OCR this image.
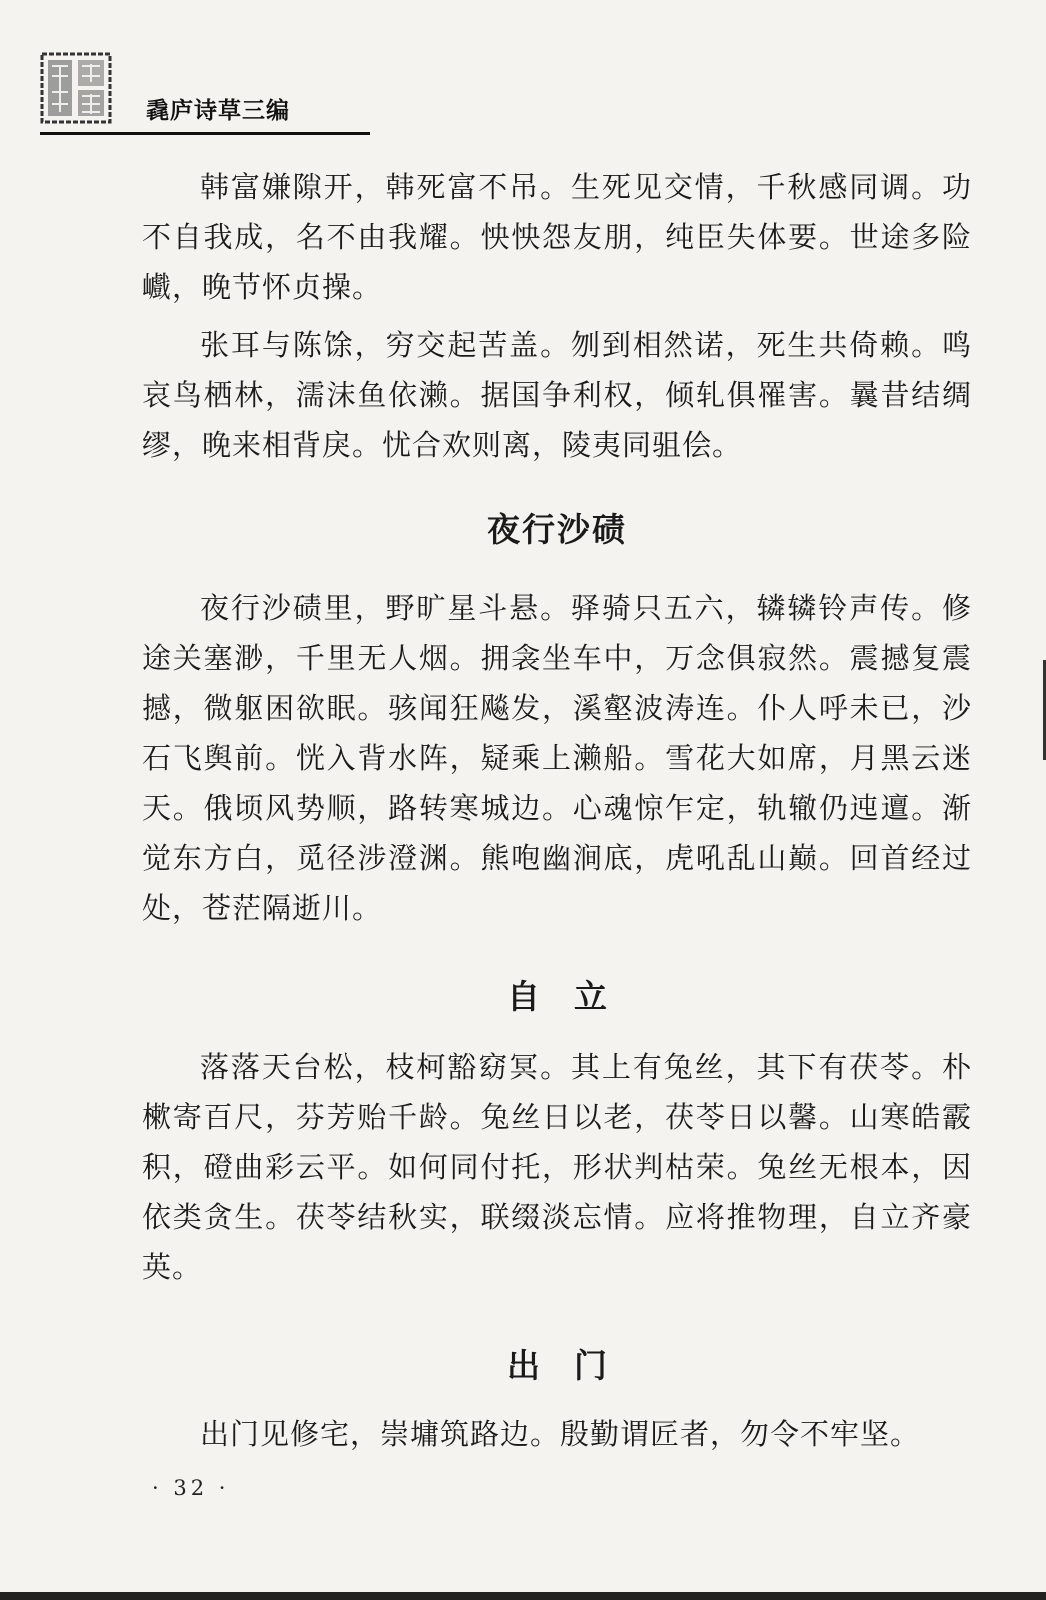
毳庐诗草三编

韩富嫌隙开，韩死富不吊。生死见交情，千秋感同调。功不自我成，名不由我耀。怏怏怨友朋，纯臣失体要。世途多险巇，晚节怀贞操。

张耳与陈馀，穷交起苦盖。刎到相然诺，死生共倚赖。鸣哀鸟栖林，濡沫鱼依濑。据国争利权，倾轧俱罹害。曩昔结绸缪，晚来相背戾。忧合欢则离，陵夷同驵侩。

夜行沙碛

夜行沙碛里，野旷星斗悬。驿骑只五六，辚辚铃声传。修途关塞渺，千里无人烟。拥衾坐车中，万念俱寂然。震撼复震撼，微躯困欲眠。骇闻狂飚发，溪壑波涛连。仆人呼未已，沙石飞舆前。恍入背水阵，疑乘上濑船。雪花大如席，月黑云迷天。俄顷风势顺，路转寒城边。心魂惊乍定，轨辙仍迍邅。渐觉东方白，觅径涉澄渊。熊咆幽涧底，虎吼乱山巅。回首经过处，苍茫隔逝川。

自立

落落天台松，枝柯豁窈冥。其上有兔丝，其下有茯苓。朴樕寄百尺，芬芳贻千龄。兔丝日以老，茯苓日以馨。山寒皓霰积，磴曲彩云平。如何同付托，形状判枯荣。兔丝无根本，因依类贪生。茯苓结秋实，联缀淡忘情。应将推物理，自立齐豪英。

出门

出门见修宅，崇墉筑路边。殷勤谓匠者，勿令不牢坚。

· 32 ·
